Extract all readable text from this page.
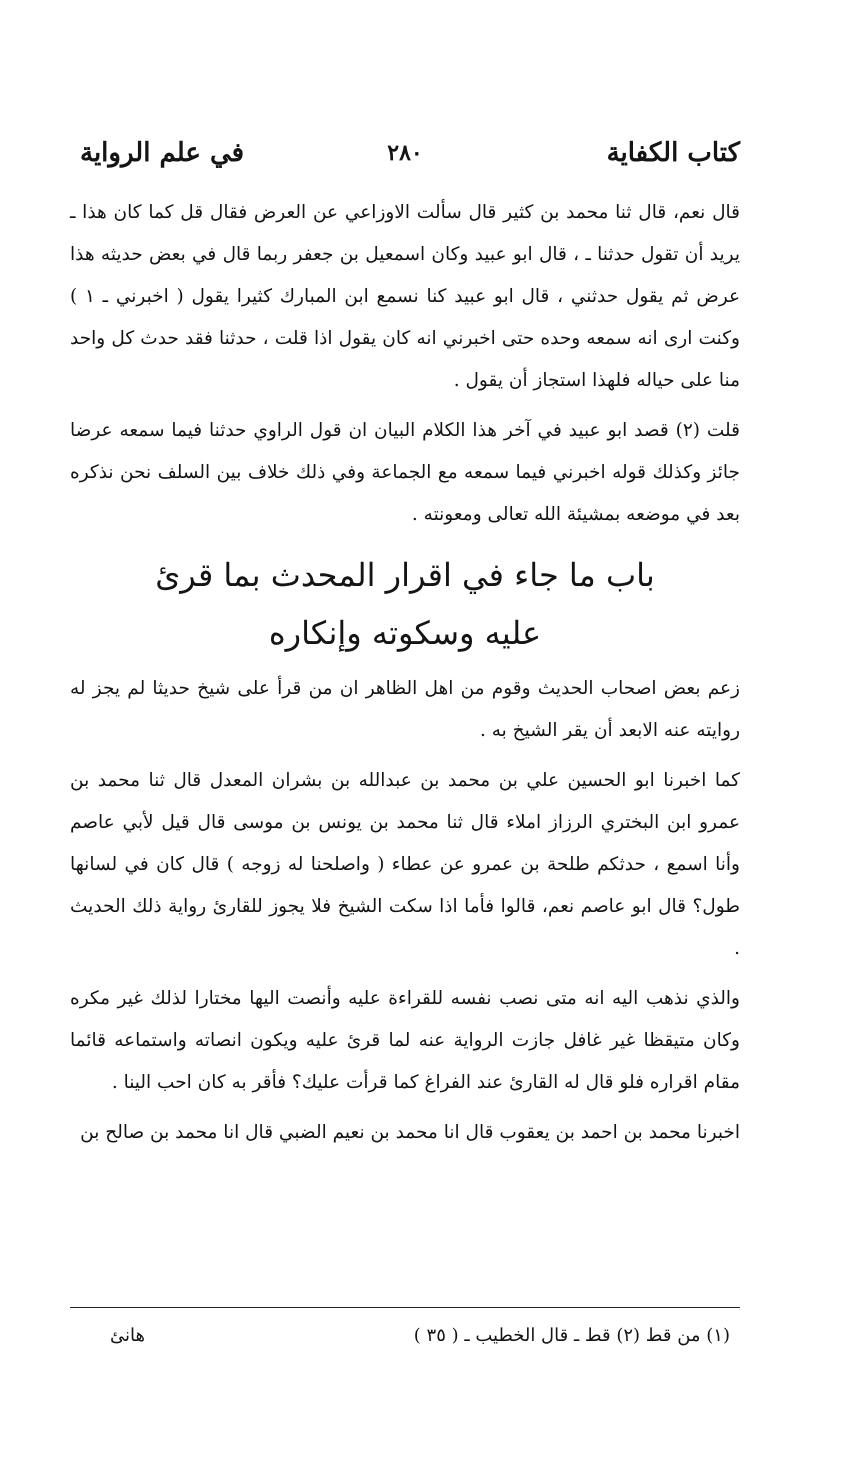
كتاب الكفاية
٢٨٠
في علم الرواية

قال نعم، قال ثنا محمد بن كثير قال سألت الاوزاعي عن العرض فقال قل كما كان هذا ـ يريد أن تقول حدثنا ـ ، قال ابو عبيد وكان اسمعيل بن جعفر ربما قال في بعض حديثه هذا عرض ثم يقول حدثني ، قال ابو عبيد كنا نسمع ابن المبارك كثيرا يقول ( اخبرني ـ ١ ) وكنت ارى انه سمعه وحده حتى اخبرني انه كان يقول اذا قلت ، حدثنا فقد حدث كل واحد منا على حياله فلهذا استجاز أن يقول .

قلت (٢) قصد ابو عبيد في آخر هذا الكلام البيان ان قول الراوي حدثنا فيما سمعه عرضا جائز وكذلك قوله اخبرني فيما سمعه مع الجماعة وفي ذلك خلاف بين السلف نحن نذكره بعد في موضعه بمشيئة الله تعالى ومعونته .

باب ما جاء في اقرار المحدث بما قرئ
عليه وسكوته وإنكاره

زعم بعض اصحاب الحديث وقوم من اهل الظاهر ان من قرأ على شيخ حديثا لم يجز له روايته عنه الابعد أن يقر الشيخ به .

كما اخبرنا ابو الحسين علي بن محمد بن عبدالله بن بشران المعدل قال ثنا محمد بن عمرو ابن البختري الرزاز املاء قال ثنا محمد بن يونس بن موسى قال قيل لأبي عاصم وأنا اسمع ، حدثكم طلحة بن عمرو عن عطاء ( واصلحنا له زوجه ) قال كان في لسانها طول؟ قال ابو عاصم نعم، قالوا فأما اذا سكت الشيخ فلا يجوز للقارئ رواية ذلك الحديث .

والذي نذهب اليه انه متى نصب نفسه للقراءة عليه وأنصت اليها مختارا لذلك غير مكره وكان متيقظا غير غافل جازت الرواية عنه لما قرئ عليه ويكون انصاته واستماعه قائما مقام اقراره فلو قال له القارئ عند الفراغ كما قرأت عليك؟ فأقر به كان احب الينا .

اخبرنا محمد بن احمد بن يعقوب قال انا محمد بن نعيم الضبي قال انا محمد بن صالح بن

(١) من قط (٢) قط ـ قال الخطيب ـ ( ٣٥ )
هانئ
